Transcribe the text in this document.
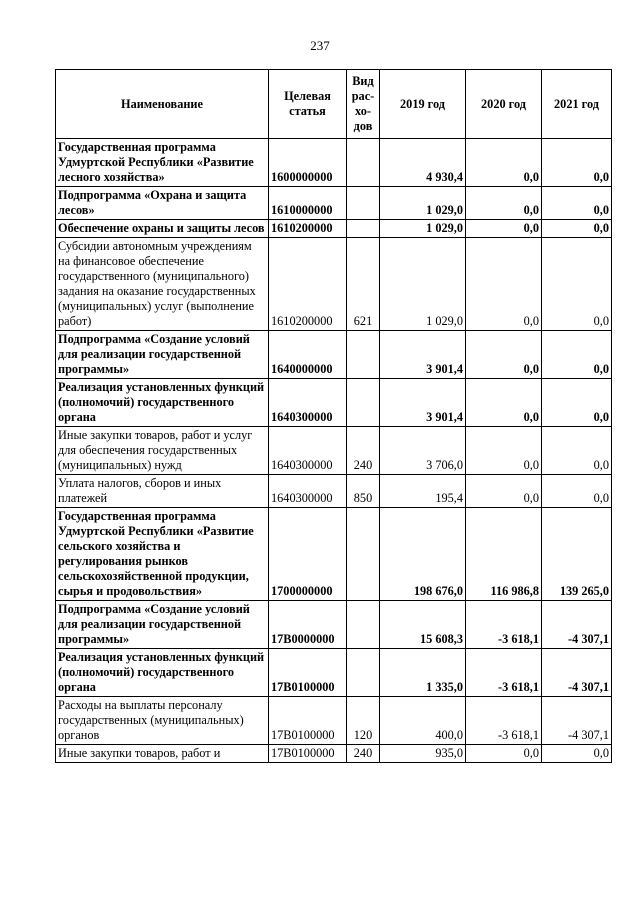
237
Наименование	Целевая статья	Вид рас-хо-дов	2019 год	2020 год	2021 год
Государственная программа Удмуртской Республики «Развитие лесного хозяйства»	1600000000		4 930,4	0,0	0,0
Подпрограмма «Охрана и защита лесов»	1610000000		1 029,0	0,0	0,0
Обеспечение охраны и защиты лесов	1610200000		1 029,0	0,0	0,0
Субсидии автономным учреждениям на финансовое обеспечение государственного (муниципального) задания на оказание государственных (муниципальных) услуг (выполнение работ)	1610200000	621	1 029,0	0,0	0,0
Подпрограмма «Создание условий для реализации государственной программы»	1640000000		3 901,4	0,0	0,0
Реализация установленных функций (полномочий) государственного органа	1640300000		3 901,4	0,0	0,0
Иные закупки товаров, работ и услуг для обеспечения государственных (муниципальных) нужд	1640300000	240	3 706,0	0,0	0,0
Уплата налогов, сборов и иных платежей	1640300000	850	195,4	0,0	0,0
Государственная программа Удмуртской Республики «Развитие сельского хозяйства и регулирования рынков сельскохозяйственной продукции, сырья и продовольствия»	1700000000		198 676,0	116 986,8	139 265,0
Подпрограмма «Создание условий для реализации государственной программы»	17В0000000		15 608,3	-3 618,1	-4 307,1
Реализация установленных функций (полномочий) государственного органа	17В0100000		1 335,0	-3 618,1	-4 307,1
Расходы на выплаты персоналу государственных (муниципальных) органов	17В0100000	120	400,0	-3 618,1	-4 307,1
Иные закупки товаров, работ и	17В0100000	240	935,0	0,0	0,0
